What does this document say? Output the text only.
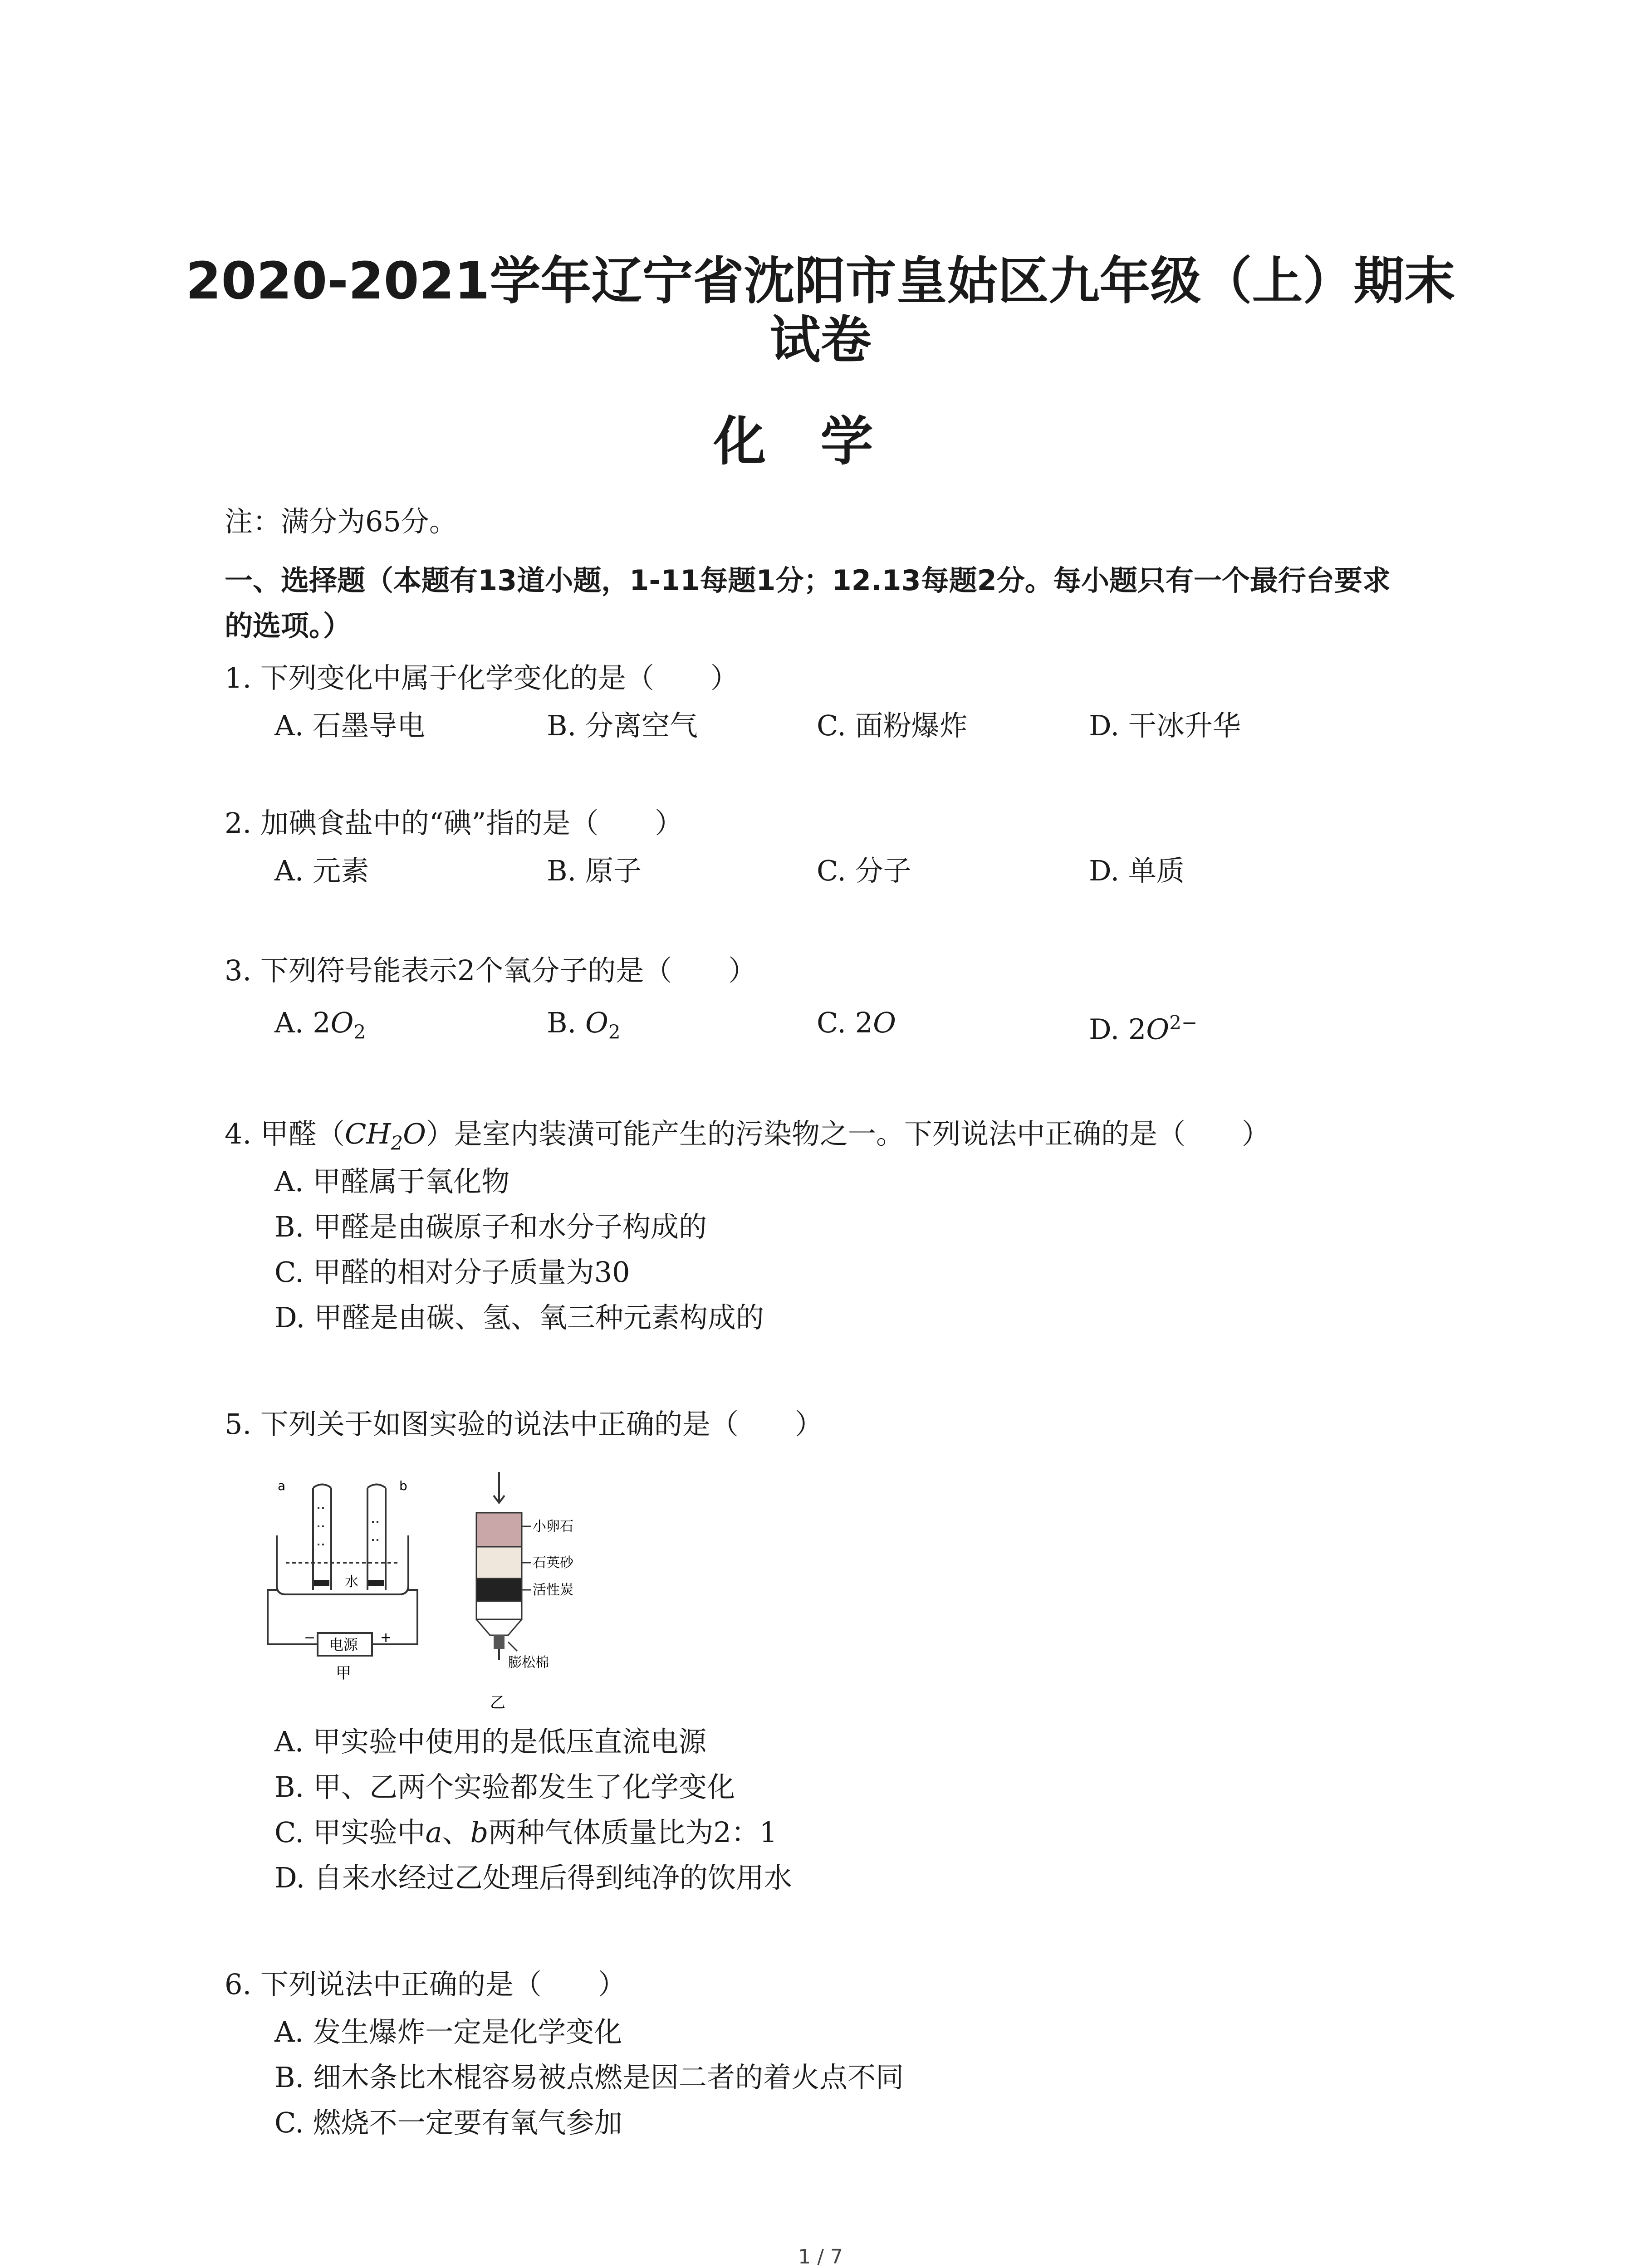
2020-2021学年辽宁省沈阳市皇姑区九年级（上）期末
试卷
化学
注：满分为65分。
一、选择题（本题有13道小题，1-11每题1分；12.13每题2分。每小题只有一个最行台要求
的选项。）
1. 下列变化中属于化学变化的是（　　）
A. 石墨导电	B. 分离空气	C. 面粉爆炸	D. 干冰升华
2. 加碘食盐中的“碘”指的是（　　）
A. 元素	B. 原子	C. 分子	D. 单质
3. 下列符号能表示2个氧分子的是（　　）
A. $2O_2$	B. $O_2$	C. 2O	D. $2O^{2-}$
4. 甲醛$(CH_2O)$是室内装潢可能产生的污染物之一。下列说法中正确的是（　　）
A. 甲醛属于氧化物
B. 甲醛是由碳原子和水分子构成的
C. 甲醛的相对分子质量为30
D. 甲醛是由碳、氢、氧三种元素构成的
5. 下列关于如图实验的说法中正确的是（　　）
a	b
水
电源
−	+
甲
小卵石
石英砂
活性炭
膨松棉
乙
A. 甲实验中使用的是低压直流电源
B. 甲、乙两个实验都发生了化学变化
C. 甲实验中a、b两种气体质量比为2：1
D. 自来水经过乙处理后得到纯净的饮用水
6. 下列说法中正确的是（　　）
A. 发生爆炸一定是化学变化
B. 细木条比木棍容易被点燃是因二者的着火点不同
C. 燃烧不一定要有氧气参加
1 / 7
